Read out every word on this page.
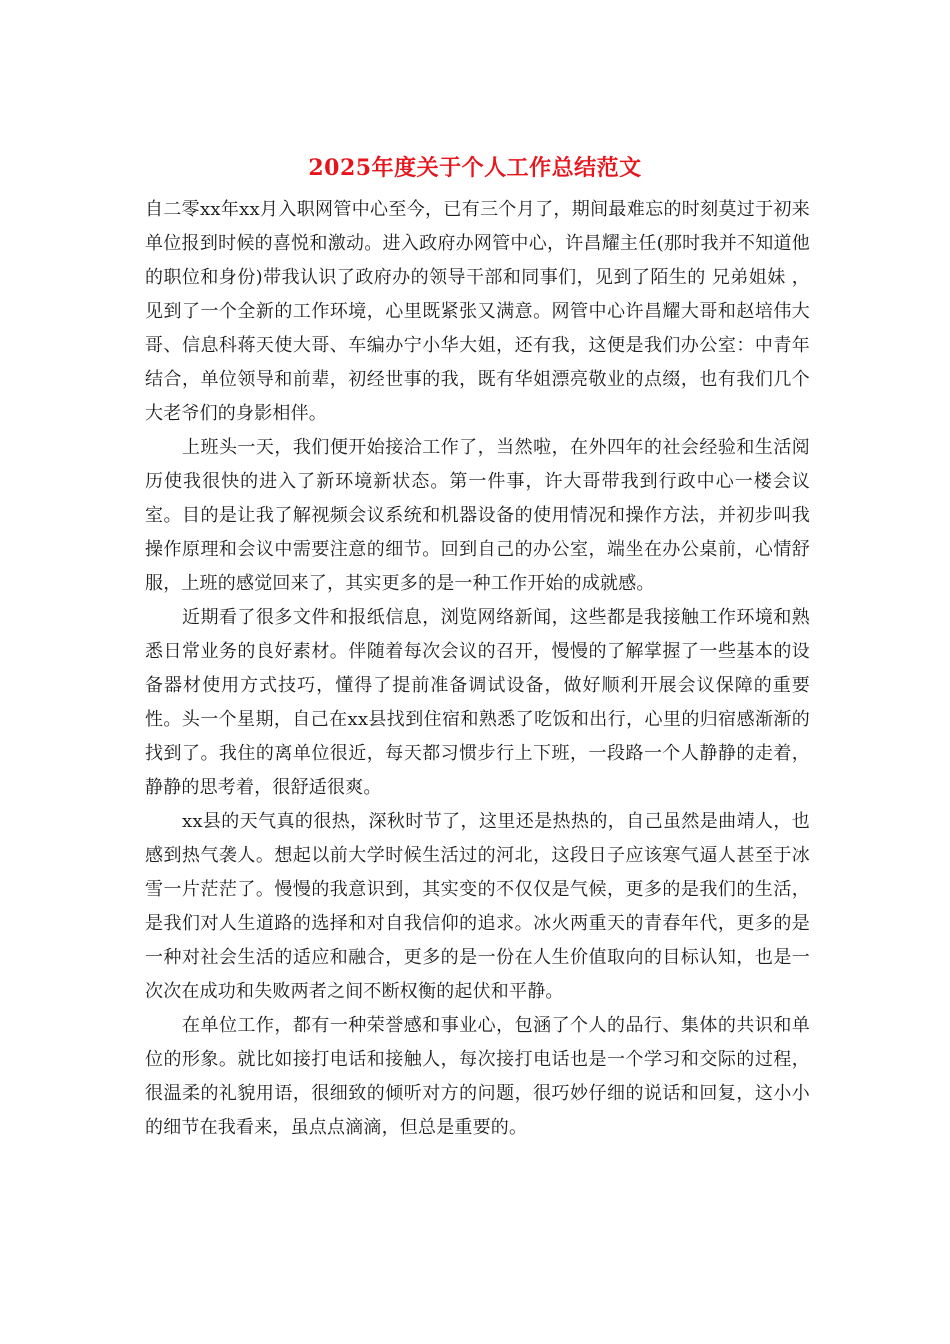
2025年度关于个人工作总结范文

自二零xx年xx月入职网管中心至今，已有三个月了，期间最难忘的时刻莫过于初来单位报到时候的喜悦和激动。进入政府办网管中心，许昌耀主任(那时我并不知道他的职位和身份)带我认识了政府办的领导干部和同事们，见到了陌生的 兄弟姐妹 ，见到了一个全新的工作环境，心里既紧张又满意。网管中心许昌耀大哥和赵培伟大哥、信息科蒋天使大哥、车编办宁小华大姐，还有我，这便是我们办公室：中青年结合，单位领导和前辈，初经世事的我，既有华姐漂亮敬业的点缀，也有我们几个大老爷们的身影相伴。

上班头一天，我们便开始接洽工作了，当然啦，在外四年的社会经验和生活阅历使我很快的进入了新环境新状态。第一件事，许大哥带我到行政中心一楼会议室。目的是让我了解视频会议系统和机器设备的使用情况和操作方法，并初步叫我操作原理和会议中需要注意的细节。回到自己的办公室，端坐在办公桌前，心情舒服，上班的感觉回来了，其实更多的是一种工作开始的成就感。

近期看了很多文件和报纸信息，浏览网络新闻，这些都是我接触工作环境和熟悉日常业务的良好素材。伴随着每次会议的召开，慢慢的了解掌握了一些基本的设备器材使用方式技巧，懂得了提前准备调试设备，做好顺利开展会议保障的重要性。头一个星期，自己在xx县找到住宿和熟悉了吃饭和出行，心里的归宿感渐渐的找到了。我住的离单位很近，每天都习惯步行上下班，一段路一个人静静的走着，静静的思考着，很舒适很爽。

xx县的天气真的很热，深秋时节了，这里还是热热的，自己虽然是曲靖人，也感到热气袭人。想起以前大学时候生活过的河北，这段日子应该寒气逼人甚至于冰雪一片茫茫了。慢慢的我意识到，其实变的不仅仅是气候，更多的是我们的生活，是我们对人生道路的选择和对自我信仰的追求。冰火两重天的青春年代，更多的是一种对社会生活的适应和融合，更多的是一份在人生价值取向的目标认知，也是一次次在成功和失败两者之间不断权衡的起伏和平静。

在单位工作，都有一种荣誉感和事业心，包涵了个人的品行、集体的共识和单位的形象。就比如接打电话和接触人，每次接打电话也是一个学习和交际的过程，很温柔的礼貌用语，很细致的倾听对方的问题，很巧妙仔细的说话和回复，这小小的细节在我看来，虽点点滴滴，但总是重要的。
